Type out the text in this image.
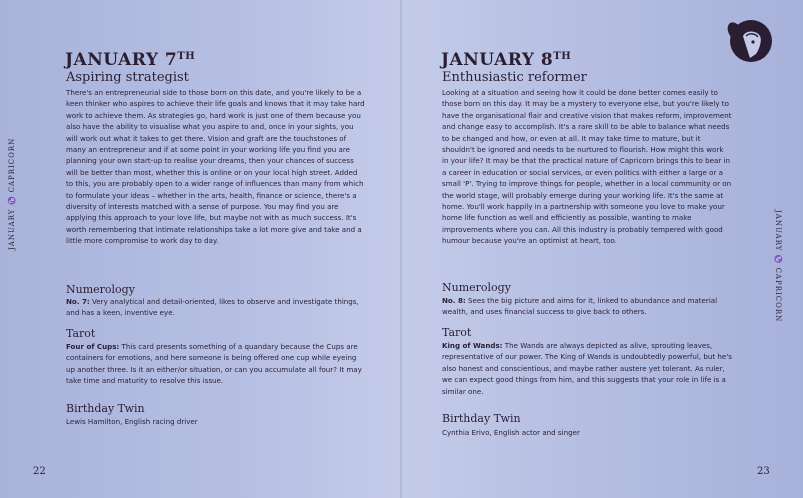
JANUARY 7TH
Aspiring strategist
There's an entrepreneurial side to those born on this date, and you're likely to be a keen thinker who aspires to achieve their life goals and knows that it may take hard work to achieve them. As strategies go, hard work is just one of them because you also have the ability to visualise what you aspire to and, once in your sights, you will work out what it takes to get there. Vision and graft are the touchstones of many an entrepreneur and if at some point in your working life you find you are planning your own start-up to realise your dreams, then your chances of success will be better than most, whether this is online or on your local high street. Added to this, you are probably open to a wider range of influences than many from which to formulate your ideas – whether in the arts, health, finance or science, there's a diversity of interests matched with a sense of purpose. You may find you are applying this approach to your love life, but maybe not with as much success. It's worth remembering that intimate relationships take a lot more give and take and a little more compromise to work day to day.
Numerology
No. 7: Very analytical and detail-oriented, likes to observe and investigate things, and has a keen, inventive eye.
Tarot
Four of Cups: This card presents something of a quandary because the Cups are containers for emotions, and here someone is being offered one cup while eyeing up another three. Is it an either/or situation, or can you accumulate all four? It may take time and maturity to resolve this issue.
Birthday Twin
Lewis Hamilton, English racing driver
22
JANUARY ♑ CAPRICORN
JANUARY 8TH
Enthusiastic reformer
Looking at a situation and seeing how it could be done better comes easily to those born on this day. It may be a mystery to everyone else, but you're likely to have the organisational flair and creative vision that makes reform, improvement and change easy to accomplish. It's a rare skill to be able to balance what needs to be changed and how, or even at all. It may take time to mature, but it shouldn't be ignored and needs to be nurtured to flourish. How might this work in your life? It may be that the practical nature of Capricorn brings this to bear in a career in education or social services, or even politics with either a large or a small 'P'. Trying to improve things for people, whether in a local community or on the world stage, will probably emerge during your working life. It's the same at home. You'll work happily in a partnership with someone you love to make your home life function as well and efficiently as possible, wanting to make improvements where you can. All this industry is probably tempered with good humour because you're an optimist at heart, too.
Numerology
No. 8: Sees the big picture and aims for it, linked to abundance and material wealth, and uses financial success to give back to others.
Tarot
King of Wands: The Wands are always depicted as alive, sprouting leaves, representative of our power. The King of Wands is undoubtedly powerful, but he's also honest and conscientious, and maybe rather austere yet tolerant. As ruler, we can expect good things from him, and this suggests that your role in life is a similar one.
Birthday Twin
Cynthia Erivo, English actor and singer
23
JANUARY ♑ CAPRICORN
